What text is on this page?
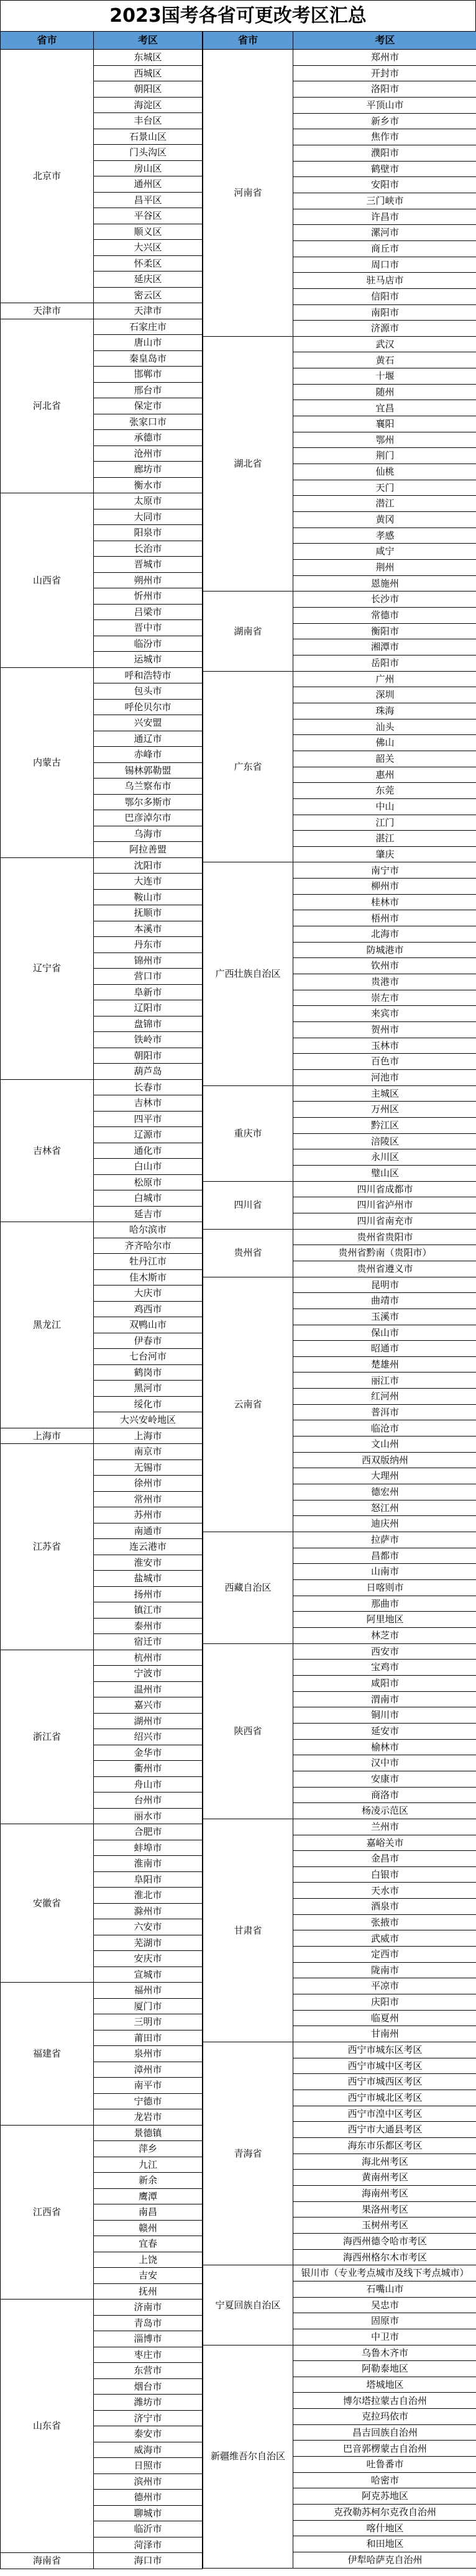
2023国考各省可更改考区汇总
省市	考区
北京市	东城区
	西城区
	朝阳区
	海淀区
	丰台区
	石景山区
	门头沟区
	房山区
	通州区
	昌平区
	平谷区
	顺义区
	大兴区
	怀柔区
	延庆区
	密云区
天津市	天津市
河北省	石家庄市
	唐山市
	秦皇岛市
	邯郸市
	邢台市
	保定市
	张家口市
	承德市
	沧州市
	廊坊市
	衡水市
山西省	太原市
	大同市
	阳泉市
	长治市
	晋城市
	朔州市
	忻州市
	吕梁市
	晋中市
	临汾市
	运城市
内蒙古	呼和浩特市
	包头市
	呼伦贝尔市
	兴安盟
	通辽市
	赤峰市
	锡林郭勒盟
	乌兰察布市
	鄂尔多斯市
	巴彦淖尔市
	乌海市
	阿拉善盟
辽宁省	沈阳市
	大连市
	鞍山市
	抚顺市
	本溪市
	丹东市
	锦州市
	营口市
	阜新市
	辽阳市
	盘锦市
	铁岭市
	朝阳市
	葫芦岛
吉林省	长春市
	吉林市
	四平市
	辽源市
	通化市
	白山市
	松原市
	白城市
	延吉市
黑龙江	哈尔滨市
	齐齐哈尔市
	牡丹江市
	佳木斯市
	大庆市
	鸡西市
	双鸭山市
	伊春市
	七台河市
	鹤岗市
	黑河市
	绥化市
	大兴安岭地区
上海市	上海市
江苏省	南京市
	无锡市
	徐州市
	常州市
	苏州市
	南通市
	连云港市
	淮安市
	盐城市
	扬州市
	镇江市
	泰州市
	宿迁市
浙江省	杭州市
	宁波市
	温州市
	嘉兴市
	湖州市
	绍兴市
	金华市
	衢州市
	舟山市
	台州市
	丽水市
安徽省	合肥市
	蚌埠市
	淮南市
	阜阳市
	淮北市
	滁州市
	六安市
	芜湖市
	安庆市
	宣城市
福建省	福州市
	厦门市
	三明市
	莆田市
	泉州市
	漳州市
	南平市
	宁德市
	龙岩市
江西省	景德镇
	萍乡
	九江
	新余
	鹰潭
	南昌
	赣州
	宜春
	上饶
	吉安
	抚州
山东省	济南市
	青岛市
	淄博市
	枣庄市
	东营市
	烟台市
	潍坊市
	济宁市
	泰安市
	威海市
	日照市
	滨州市
	德州市
	聊城市
	临沂市
	菏泽市
海南省	海口市
省市	考区
河南省	郑州市
	开封市
	洛阳市
	平顶山市
	新乡市
	焦作市
	濮阳市
	鹤壁市
	安阳市
	三门峡市
	许昌市
	漯河市
	商丘市
	周口市
	驻马店市
	信阳市
	南阳市
	济源市
湖北省	武汉
	黄石
	十堰
	随州
	宜昌
	襄阳
	鄂州
	荆门
	仙桃
	天门
	潜江
	黄冈
	孝感
	咸宁
	荆州
	恩施州
湖南省	长沙市
	常德市
	衡阳市
	湘潭市
	岳阳市
广东省	广州
	深圳
	珠海
	汕头
	佛山
	韶关
	惠州
	东莞
	中山
	江门
	湛江
	肇庆
广西壮族自治区	南宁市
	柳州市
	桂林市
	梧州市
	北海市
	防城港市
	钦州市
	贵港市
	崇左市
	来宾市
	贺州市
	玉林市
	百色市
	河池市
重庆市	主城区
	万州区
	黔江区
	涪陵区
	永川区
	璧山区
四川省	四川省成都市
	四川省泸州市
	四川省南充市
贵州省	贵州省贵阳市
	贵州省黔南（贵阳市）
	贵州省遵义市
云南省	昆明市
	曲靖市
	玉溪市
	保山市
	昭通市
	楚雄州
	丽江市
	红河州
	普洱市
	临沧市
	文山州
	西双版纳州
	大理州
	德宏州
	怒江州
	迪庆州
西藏自治区	拉萨市
	昌都市
	山南市
	日喀则市
	那曲市
	阿里地区
	林芝市
陕西省	西安市
	宝鸡市
	咸阳市
	渭南市
	铜川市
	延安市
	榆林市
	汉中市
	安康市
	商洛市
	杨凌示范区
甘肃省	兰州市
	嘉峪关市
	金昌市
	白银市
	天水市
	酒泉市
	张掖市
	武威市
	定西市
	陇南市
	平凉市
	庆阳市
	临夏州
	甘南州
青海省	西宁市城东区考区
	西宁市城中区考区
	西宁市城西区考区
	西宁市城北区考区
	西宁市湟中区考区
	西宁市大通县考区
	海东市乐都区考区
	海北州考区
	黄南州考区
	海南州考区
	果洛州考区
	玉树州考区
	海西州德令哈市考区
	海西州格尔木市考区
宁夏回族自治区	银川市（专业考点城市及线下考点城市）
	石嘴山市
	吴忠市
	固原市
	中卫市
新疆维吾尔自治区	乌鲁木齐市
	阿勒泰地区
	塔城地区
	博尔塔拉蒙古自治州
	克拉玛依市
	昌吉回族自治州
	巴音郭楞蒙古自治州
	吐鲁番市
	哈密市
	阿克苏地区
	克孜勒苏柯尔克孜自治州
	喀什地区
	和田地区
	伊犁哈萨克自治州
